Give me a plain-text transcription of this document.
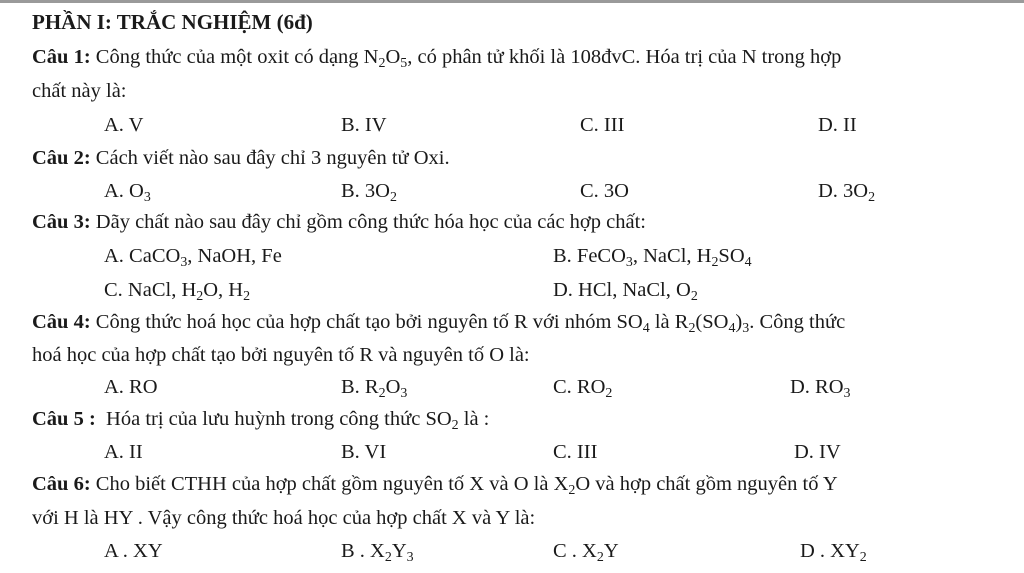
PHẦN I: TRẮC NGHIỆM (6đ)
Câu 1: Công thức của một oxit có dạng $N_2O_5$, có phân tử khối là 108đvC. Hóa trị của N trong hợp
chất này là:
A. V	B. IV	C. III	D. II
Câu 2: Cách viết nào sau đây chỉ 3 nguyên tử Oxi.
A. $O_3$	B. $3O_2$	C. 3O	D. $3O_2$
Câu 3: Dãy chất nào sau đây chỉ gồm công thức hóa học của các hợp chất:
A. CaCO$_3$, NaOH, Fe	B. FeCO$_3$, NaCl, $H_2SO_4$
C. NaCl, $H_2O$, $H_2$	D. HCl, NaCl, $O_2$
Câu 4: Công thức hoá học của hợp chất tạo bởi nguyên tố R với nhóm $SO_4$ là $R_2(SO_4)_3$. Công thức
hoá học của hợp chất tạo bởi nguyên tố R và nguyên tố O là:
A. RO	B. $R_2O_3$	C. $RO_2$	D. $RO_3$
Câu 5 :  Hóa trị của lưu huỳnh trong công thức $SO_2$ là :
A. II	B. VI	C. III	D. IV
Câu 6: Cho biết CTHH của hợp chất gồm nguyên tố X và O là $X_2O$ và hợp chất gồm nguyên tố Y
với H là HY . Vậy công thức hoá học của hợp chất X và Y là:
A . XY	B . $X_2Y_3$	C . $X_2Y$	D . $XY_2$
